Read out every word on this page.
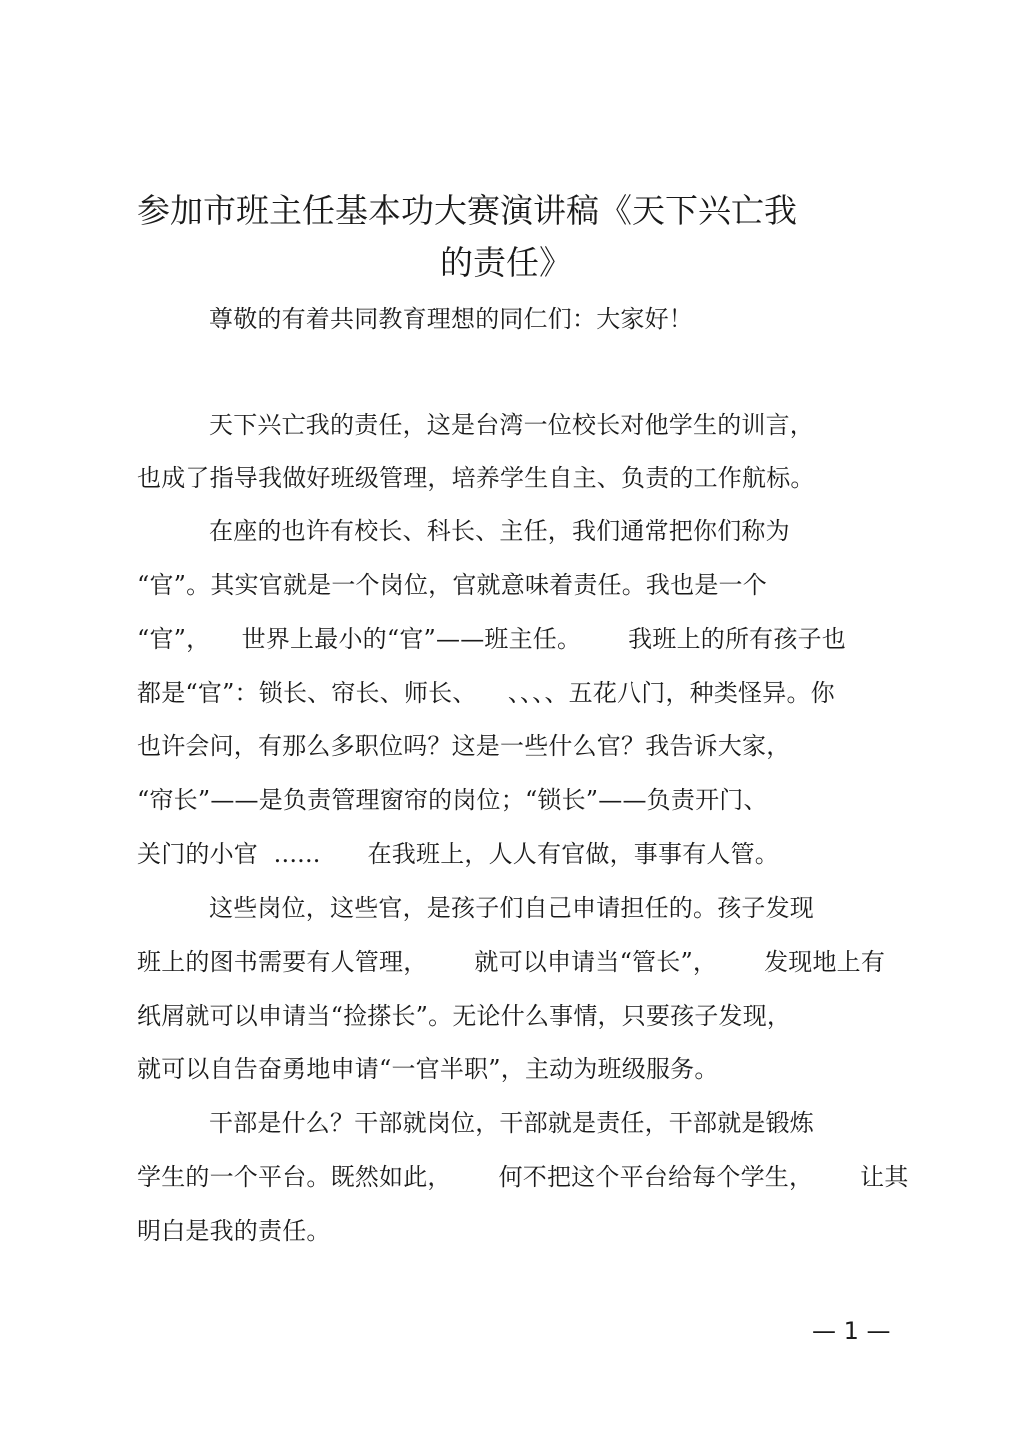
参加市班主任基本功大赛演讲稿《天下兴亡我
的责任》
尊敬的有着共同教育理想的同仁们：大家好！
天下兴亡我的责任，这是台湾一位校长对他学生的训言，
也成了指导我做好班级管理，培养学生自主、负责的工作航标。
在座的也许有校长、科长、主任，我们通常把你们称为
“官”。其实官就是一个岗位，官就意味着责任。我也是一个
“官”，    世界上最小的“官”——班主任。      我班上的所有孩子也
都是“官”：锁长、帘长、师长、    、、、、五花八门，种类怪异。你
也许会问，有那么多职位吗？这是一些什么官？我告诉大家，
“帘长”——是负责管理窗帘的岗位；“锁长”——负责开门、
关门的小官  ......      在我班上，人人有官做，事事有人管。
这些岗位，这些官，是孩子们自己申请担任的。孩子发现
班上的图书需要有人管理，      就可以申请当“管长”，      发现地上有
纸屑就可以申请当“捡搽长”。无论什么事情，只要孩子发现，
就可以自告奋勇地申请“一官半职”，主动为班级服务。
干部是什么？干部就岗位，干部就是责任，干部就是锻炼
学生的一个平台。既然如此，      何不把这个平台给每个学生，      让其
明白是我的责任。
— 1 —
